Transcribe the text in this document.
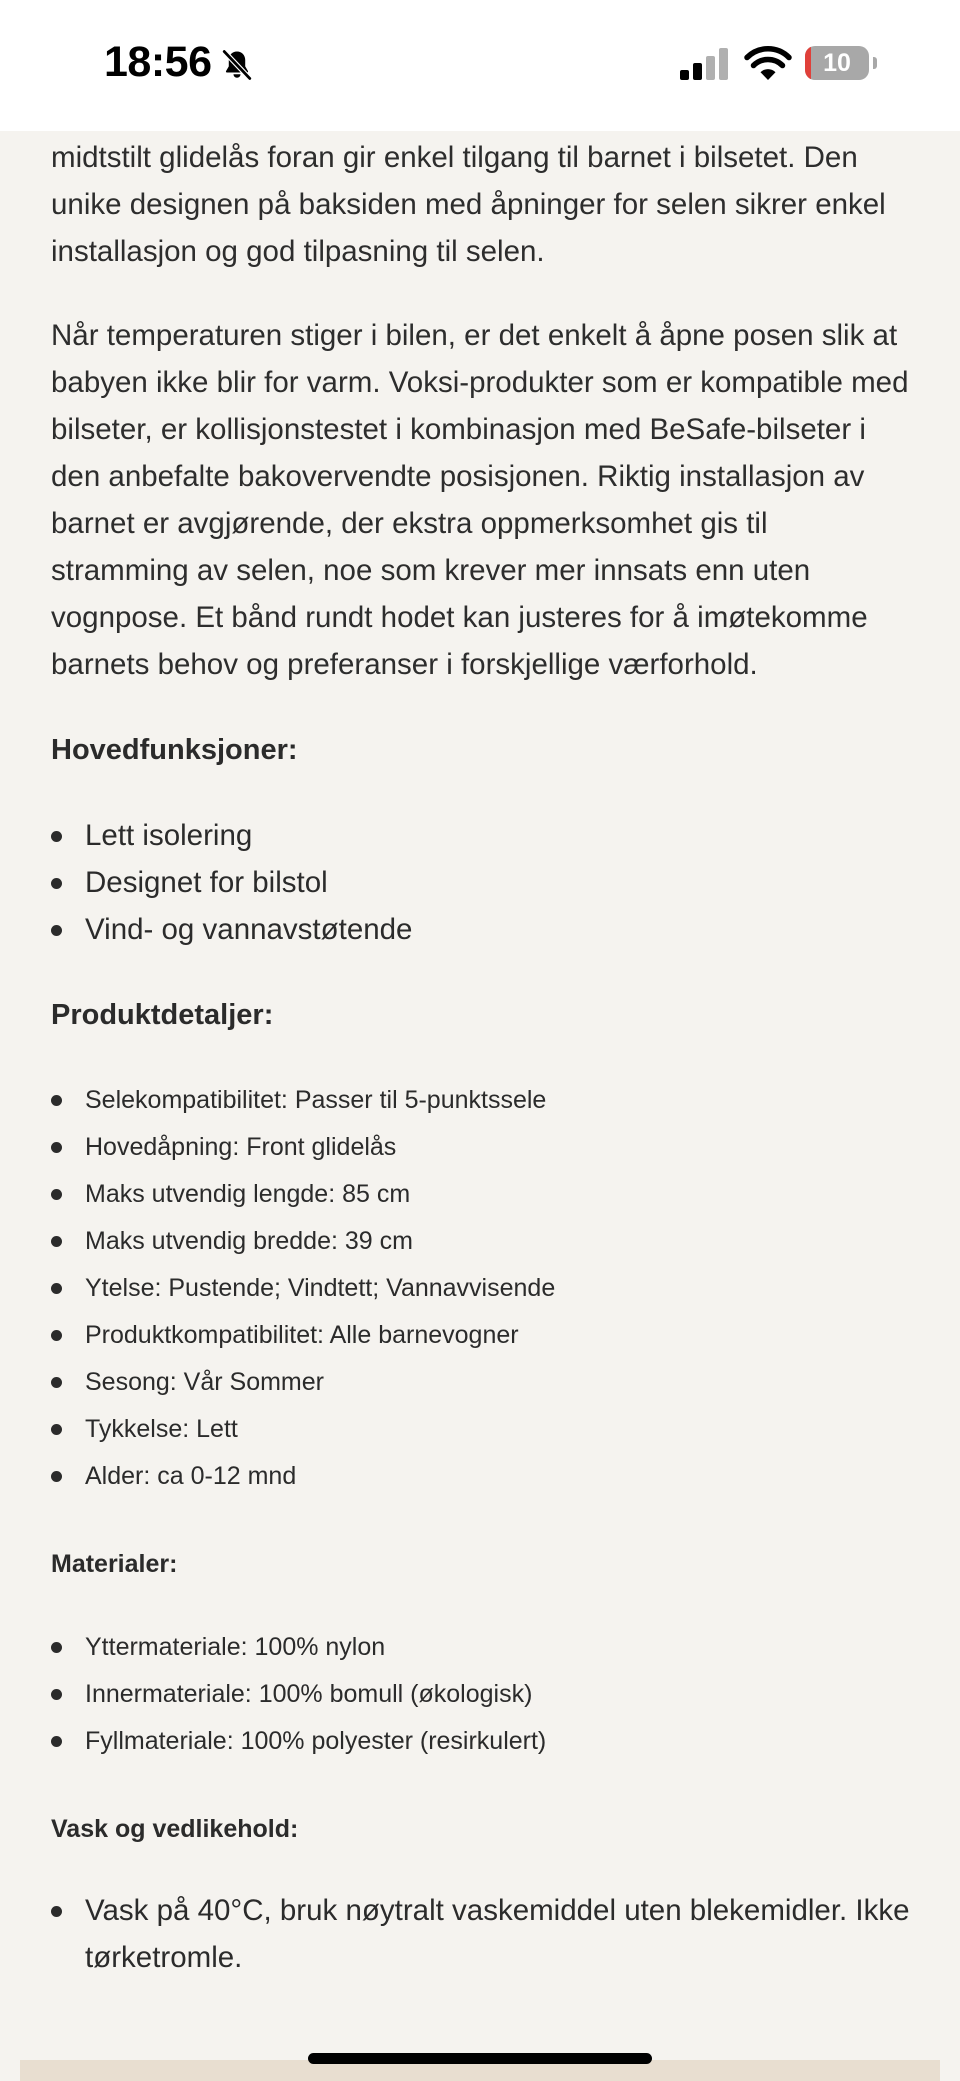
18:56	10

midtstilt glidelås foran gir enkel tilgang til barnet i bilsetet. Den unike designen på baksiden med åpninger for selen sikrer enkel installasjon og god tilpasning til selen.

Når temperaturen stiger i bilen, er det enkelt å åpne posen slik at babyen ikke blir for varm. Voksi-produkter som er kompatible med bilseter, er kollisjonstestet i kombinasjon med BeSafe-bilseter i den anbefalte bakovervendte posisjonen. Riktig installasjon av barnet er avgjørende, der ekstra oppmerksomhet gis til stramming av selen, noe som krever mer innsats enn uten vognpose. Et bånd rundt hodet kan justeres for å imøtekomme barnets behov og preferanser i forskjellige værforhold.

Hovedfunksjoner:
Lett isolering
Designet for bilstol
Vind- og vannavstøtende
Produktdetaljer:
Selekompatibilitet: Passer til 5-punktssele
Hovedåpning: Front glidelås
Maks utvendig lengde: 85 cm
Maks utvendig bredde: 39 cm
Ytelse: Pustende; Vindtett; Vannavvisende
Produktkompatibilitet: Alle barnevogner
Sesong: Vår Sommer
Tykkelse: Lett
Alder: ca 0-12 mnd
Materialer:
Yttermateriale: 100% nylon
Innermateriale: 100% bomull (økologisk)
Fyllmateriale: 100% polyester (resirkulert)
Vask og vedlikehold:
Vask på 40°C, bruk nøytralt vaskemiddel uten blekemidler. Ikke tørketromle.
